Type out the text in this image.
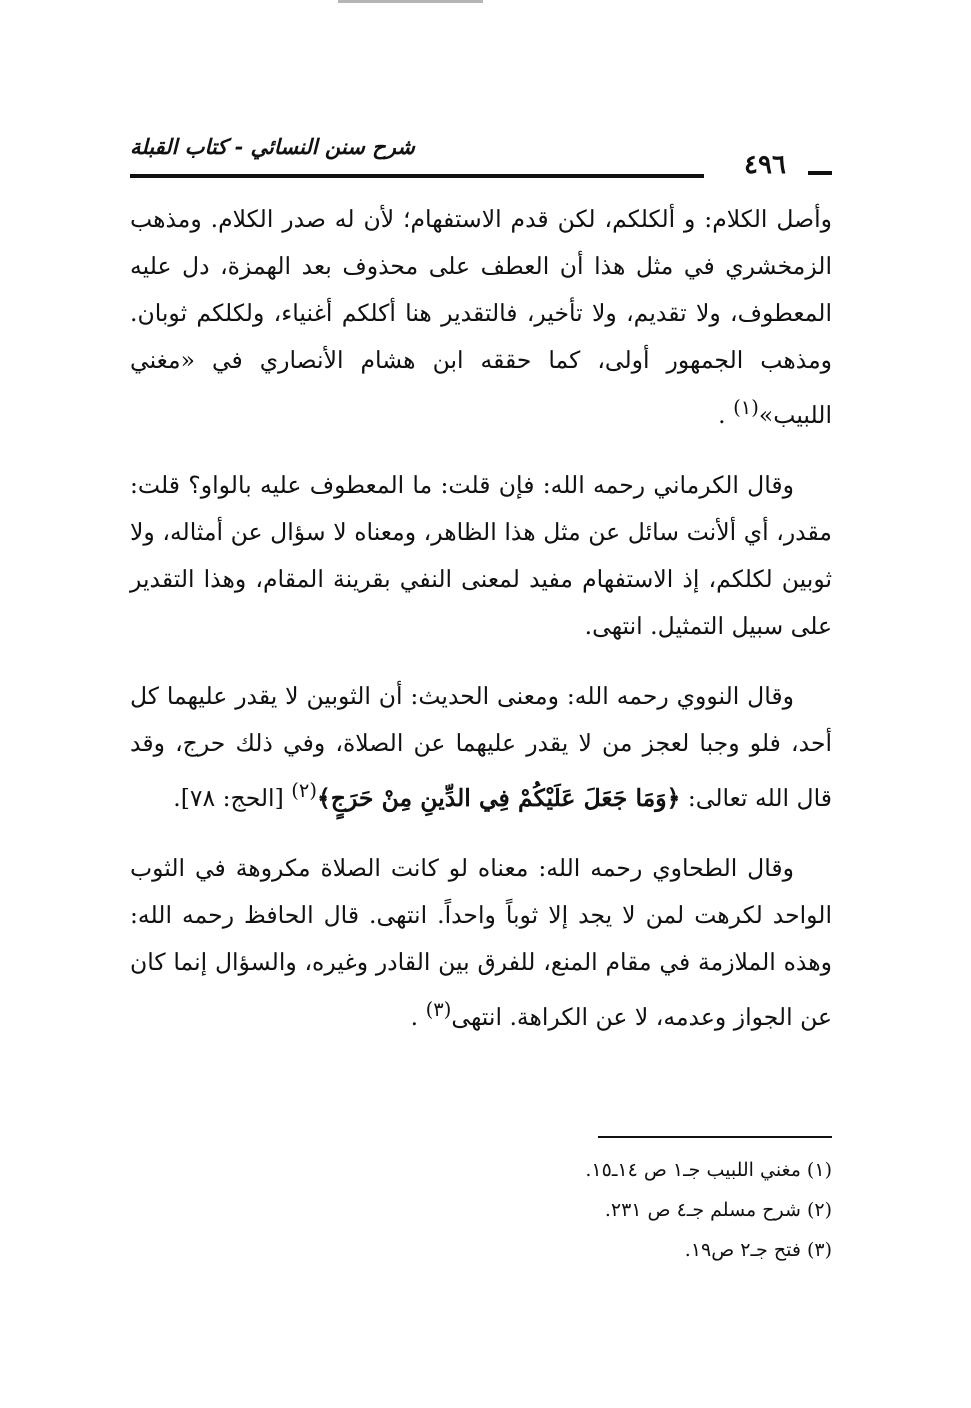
شرح سنن النسائي - كتاب القبلة
٤٩٦

وأصل الكلام: و ألكلكم، لكن قدم الاستفهام؛ لأن له صدر الكلام. ومذهب الزمخشري في مثل هذا أن العطف على محذوف بعد الهمزة، دل عليه المعطوف، ولا تقديم، ولا تأخير، فالتقدير هنا أكلكم أغنياء، ولكلكم ثوبان. ومذهب الجمهور أولى، كما حققه ابن هشام الأنصاري في «مغني اللبيب»$^{(١)}$ .

وقال الكرماني رحمه الله: فإن قلت: ما المعطوف عليه بالواو؟ قلت: مقدر، أي ألأنت سائل عن مثل هذا الظاهر، ومعناه لا سؤال عن أمثاله، ولا ثوبين لكلكم، إذ الاستفهام مفيد لمعنى النفي بقرينة المقام، وهذا التقدير على سبيل التمثيل. انتهى.

وقال النووي رحمه الله: ومعنى الحديث: أن الثوبين لا يقدر عليهما كل أحد، فلو وجبا لعجز من لا يقدر عليهما عن الصلاة، وفي ذلك حرج، وقد قال الله تعالى: ﴿وَمَا جَعَلَ عَلَيْكُمْ فِي الدِّينِ مِنْ حَرَجٍ﴾$^{(٢)}$ [الحج: ٧٨].

وقال الطحاوي رحمه الله: معناه لو كانت الصلاة مكروهة في الثوب الواحد لكرهت لمن لا يجد إلا ثوباً واحداً. انتهى. قال الحافظ رحمه الله: وهذه الملازمة في مقام المنع، للفرق بين القادر وغيره، والسؤال إنما كان عن الجواز وعدمه، لا عن الكراهة. انتهى$^{(٣)}$ .

(١) مغني اللبيب جـ١ ص ١٤ـ١٥.
(٢) شرح مسلم جـ٤ ص ٢٣١.
(٣) فتح جـ٢ ص١٩.
